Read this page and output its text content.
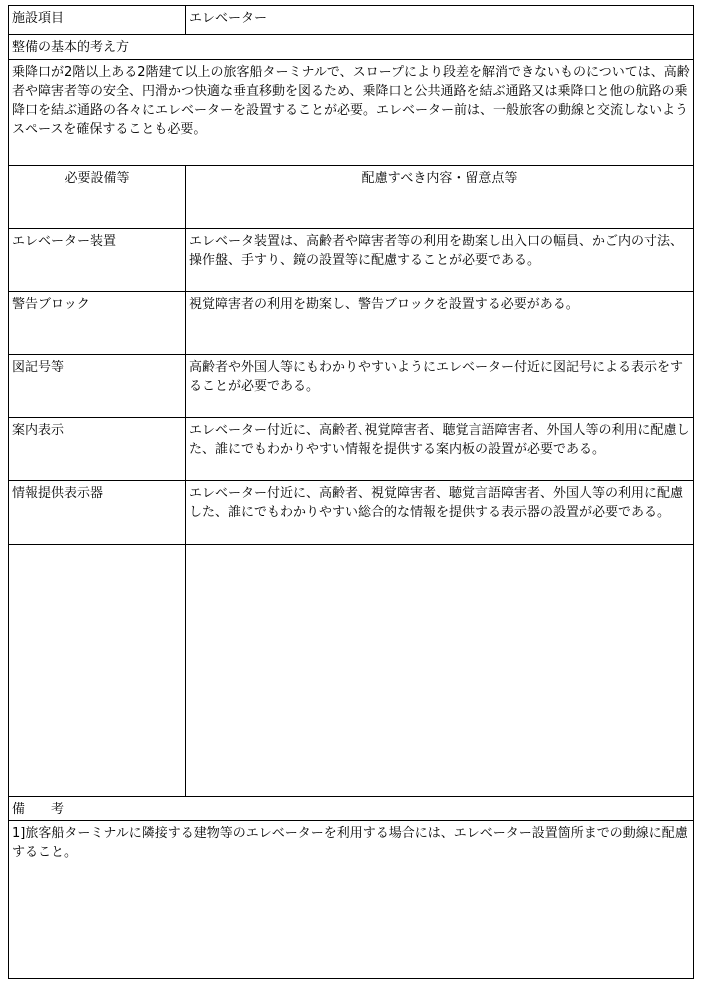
施設項目	エレベーター
整備の基本的考え方
乗降口が2階以上ある2階建て以上の旅客船ターミナルで、スロープにより段差を解消できないものについては、高齢者や障害者等の安全、円滑かつ快適な垂直移動を図るため、乗降口と公共通路を結ぶ通路又は乗降口と他の航路の乗降口を結ぶ通路の各々にエレベーターを設置することが必要。エレベーター前は、一般旅客の動線と交流しないようスペースを確保することも必要。
必要設備等	配慮すべき内容・留意点等
エレベーター装置	エレベータ装置は、高齢者や障害者等の利用を勘案し出入口の幅員、かご内の寸法、操作盤、手すり、鏡の設置等に配慮することが必要である。
警告ブロック	視覚障害者の利用を勘案し、警告ブロックを設置する必要がある。
図記号等	高齢者や外国人等にもわかりやすいようにエレベーター付近に図記号による表示をすることが必要である。
案内表示	エレベーター付近に、高齢者､視覚障害者、聴覚言語障害者、外国人等の利用に配慮した、誰にでもわかりやすい情報を提供する案内板の設置が必要である。
情報提供表示器	エレベーター付近に、高齢者、視覚障害者、聴覚言語障害者、外国人等の利用に配慮した、誰にでもわかりやすい総合的な情報を提供する表示器の設置が必要である。
備　　考
1]旅客船ターミナルに隣接する建物等のエレベーターを利用する場合には、エレベーター設置箇所までの動線に配慮すること。
